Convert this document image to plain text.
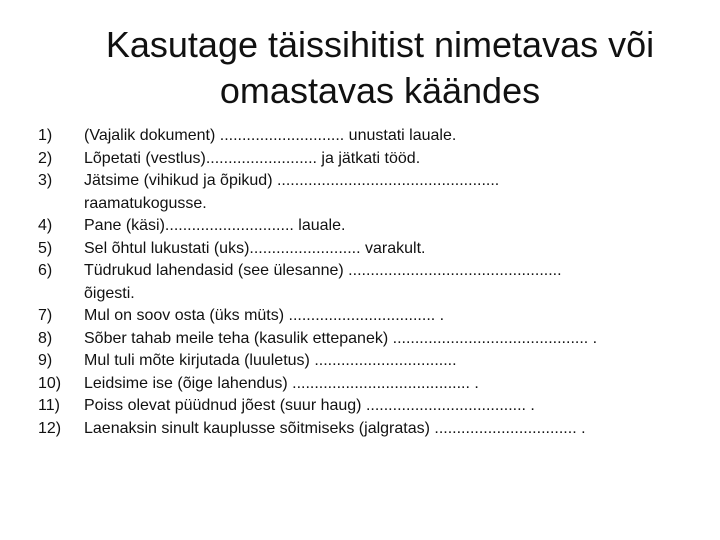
Kasutage täissihitist nimetavas või
omastavas käändes
1)	(Vajalik dokument) ............................ unustati lauale.
2)	Lõpetati (vestlus)......................... ja jätkati tööd.
3)	Jätsime (vihikud ja õpikud) ..................................................
raamatukogusse.
4)	Pane (käsi)............................. lauale.
5)	Sel õhtul lukustati (uks)......................... varakult.
6)	Tüdrukud lahendasid (see ülesanne) ................................................
õigesti.
7)	Mul on soov osta (üks müts) ................................. .
8)	Sõber tahab meile teha (kasulik ettepanek) ............................................ .
9)	Mul tuli mõte kirjutada (luuletus) ................................
10)	Leidsime ise (õige lahendus) ........................................ .
11)	Poiss olevat püüdnud jõest (suur haug) .................................... .
12)	Laenaksin sinult kauplusse sõitmiseks (jalgratas) ................................ .
